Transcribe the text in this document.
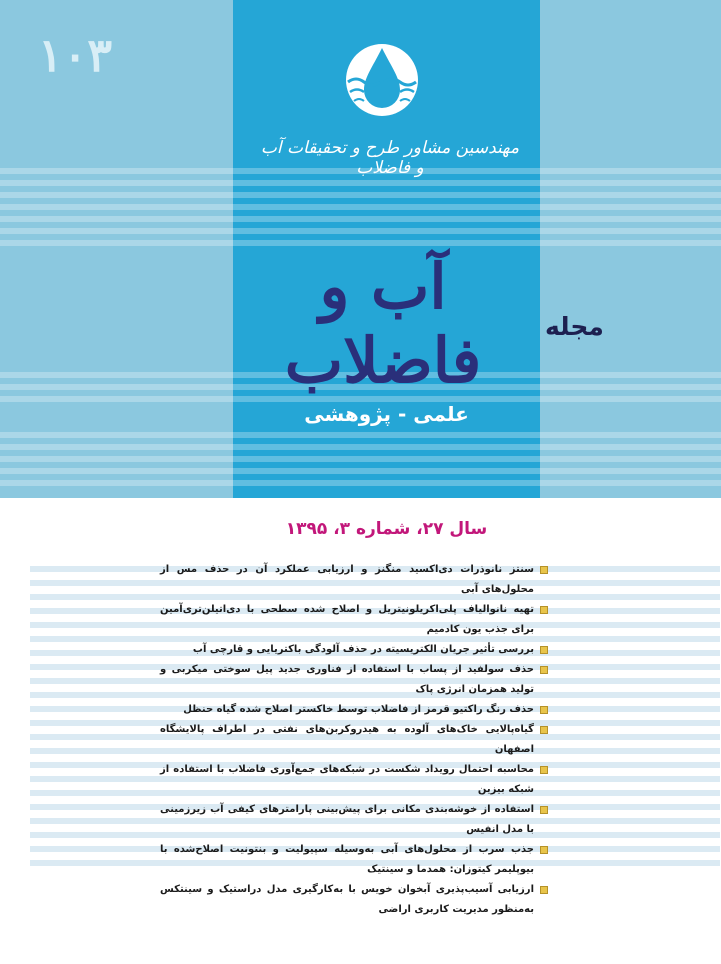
۱۰۳
مهندسین مشاور طرح و تحقیقات آب و فاضلاب
آب و فاضلاب	مجله
علمی - پژوهشی
سال ۲۷، شماره ۳، ۱۳۹۵
سنتز نانوذرات دی‌اکسید منگنز و ارزیابی عملکرد آن در حذف مس از محلول‌های آبی
تهیه نانوالیاف پلی‌اکریلونیتریل و اصلاح شده سطحی با دی‌اتیلن‌تری‌آمین برای جذب یون کادمیم
بررسی تأثیر جریان الکتریسیته در حذف آلودگی باکتریایی و قارچی آب
حذف سولفید از پساب با استفاده از فناوری جدید پیل سوختی میکربی و تولید همزمان انرژی پاک
حذف رنگ راکتیو قرمز از فاضلاب توسط خاکستر اصلاح شده گیاه حنظل
گیاه‌پالایی خاک‌های آلوده به هیدروکربن‌های نفتی در اطراف پالایشگاه اصفهان
محاسبه احتمال رویداد شکست در شبکه‌های جمع‌آوری فاضلاب با استفاده از شبکه بیزین
استفاده از خوشه‌بندی مکانی برای پیش‌بینی پارامترهای کیفی آب زیرزمینی با مدل انفیس
جذب سرب از محلول‌های آبی به‌وسیله سپیولیت و بنتونیت اصلاح‌شده با بیوپلیمر کیتوزان: همدما و سینتیک
ارزیابی آسیب‌پذیری آبخوان خویس با به‌کارگیری مدل دراستیک و سینتکس به‌منظور مدیریت کاربری اراضی
